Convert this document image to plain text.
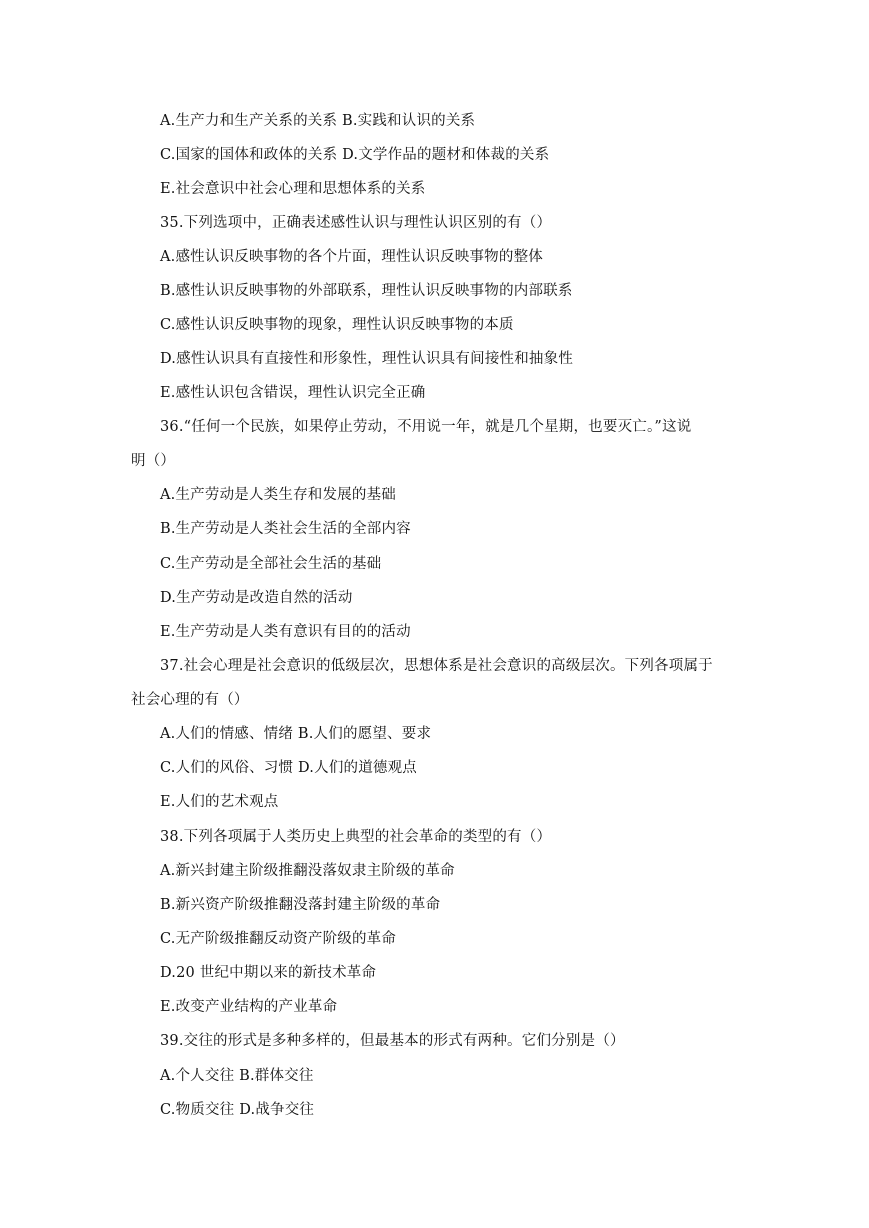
A.生产力和生产关系的关系 B.实践和认识的关系
C.国家的国体和政体的关系 D.文学作品的题材和体裁的关系
E.社会意识中社会心理和思想体系的关系
35.下列选项中，正确表述感性认识与理性认识区别的有（）
A.感性认识反映事物的各个片面，理性认识反映事物的整体
B.感性认识反映事物的外部联系，理性认识反映事物的内部联系
C.感性认识反映事物的现象，理性认识反映事物的本质
D.感性认识具有直接性和形象性，理性认识具有间接性和抽象性
E.感性认识包含错误，理性认识完全正确
36.“任何一个民族，如果停止劳动，不用说一年，就是几个星期，也要灭亡。”这说
明（）
A.生产劳动是人类生存和发展的基础
B.生产劳动是人类社会生活的全部内容
C.生产劳动是全部社会生活的基础
D.生产劳动是改造自然的活动
E.生产劳动是人类有意识有目的的活动
37.社会心理是社会意识的低级层次，思想体系是社会意识的高级层次。下列各项属于
社会心理的有（）
A.人们的情感、情绪 B.人们的愿望、要求
C.人们的风俗、习惯 D.人们的道德观点
E.人们的艺术观点
38.下列各项属于人类历史上典型的社会革命的类型的有（）
A.新兴封建主阶级推翻没落奴隶主阶级的革命
B.新兴资产阶级推翻没落封建主阶级的革命
C.无产阶级推翻反动资产阶级的革命
D.20 世纪中期以来的新技术革命
E.改变产业结构的产业革命
39.交往的形式是多种多样的，但最基本的形式有两种。它们分别是（）
A.个人交往 B.群体交往
C.物质交往 D.战争交往
